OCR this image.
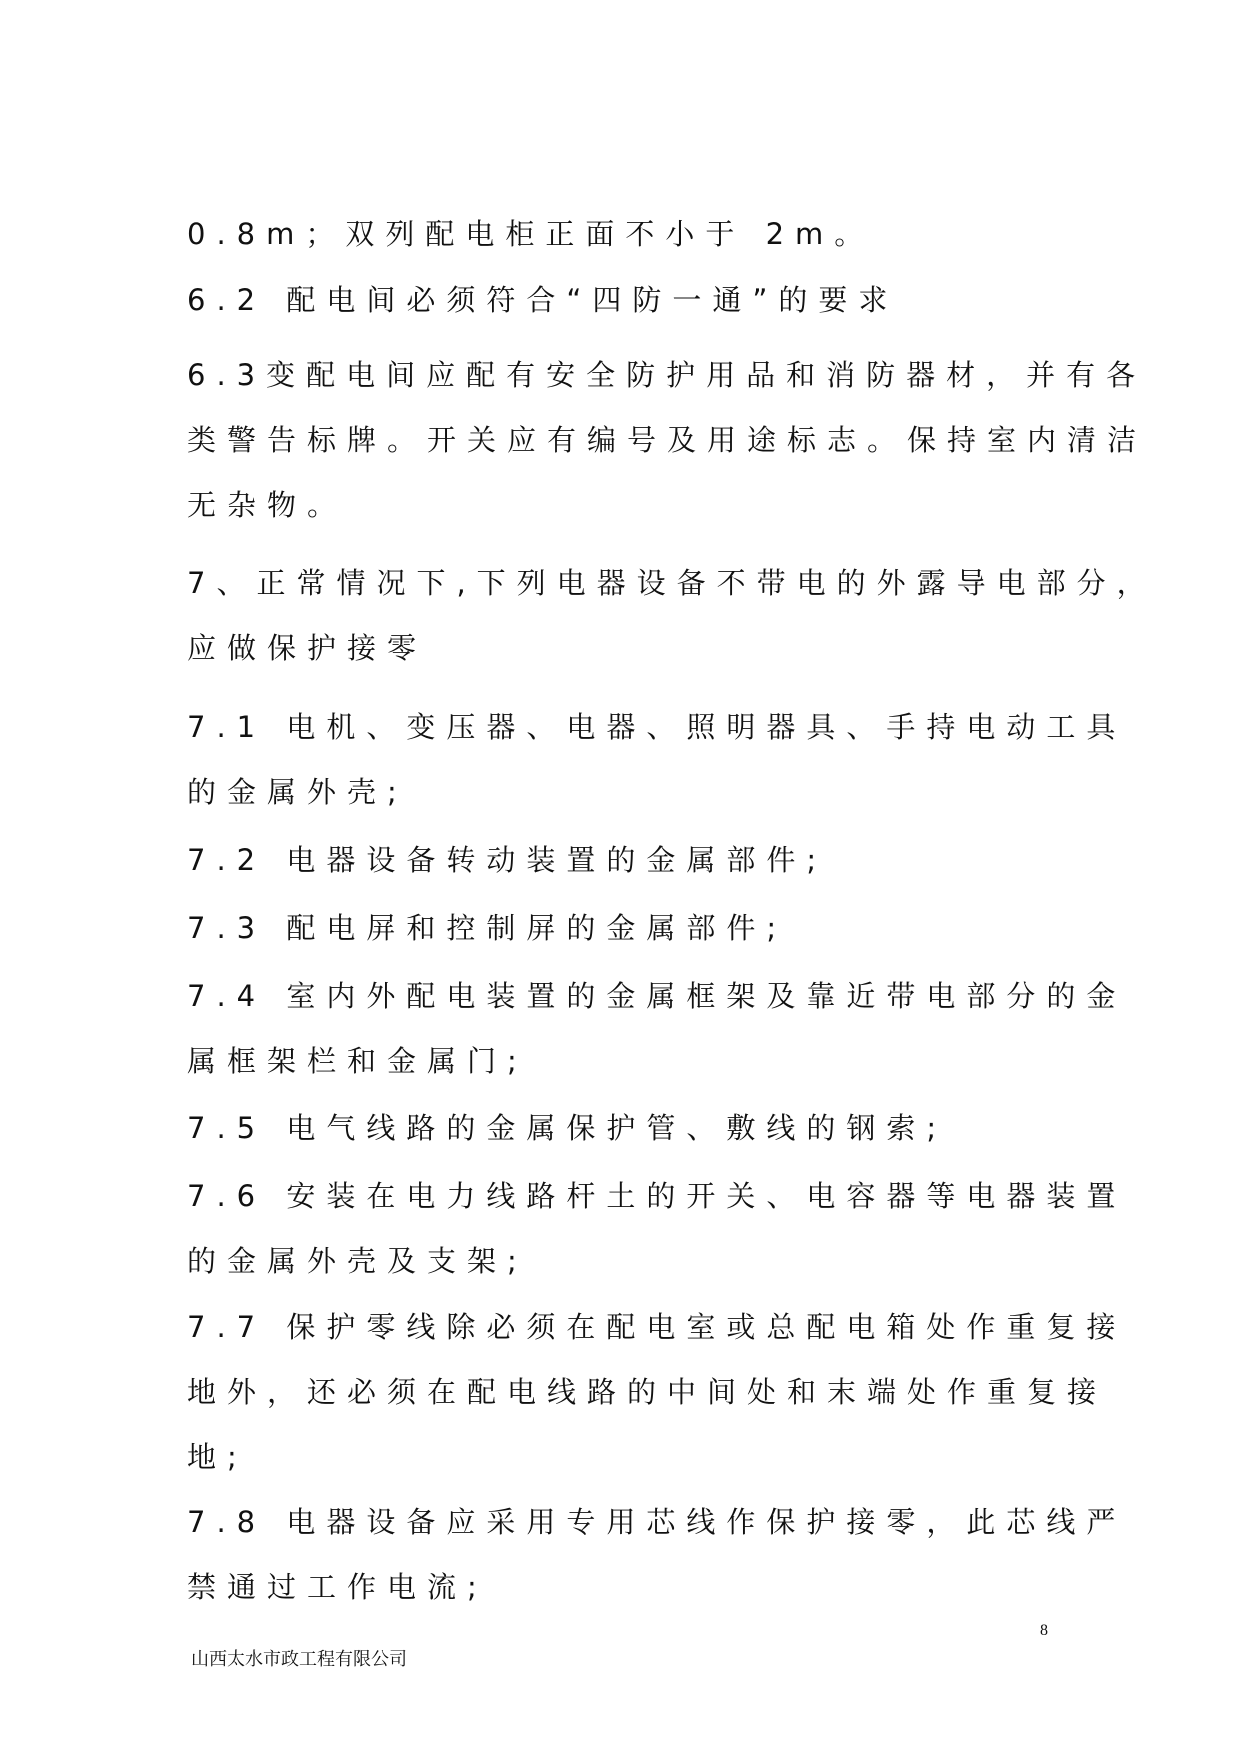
0.8m；双列配电柜正面不小于 2m。
6.2 配电间必须符合“四防一通”的要求
6.3变配电间应配有安全防护用品和消防器材，并有各
类警告标牌。开关应有编号及用途标志。保持室内清洁
无杂物。
7、正常情况下,下列电器设备不带电的外露导电部分，
应做保护接零
7.1 电机、变压器、电器、照明器具、手持电动工具
的金属外壳;
7.2 电器设备转动装置的金属部件;
7.3 配电屏和控制屏的金属部件;
7.4 室内外配电装置的金属框架及靠近带电部分的金
属框架栏和金属门;
7.5 电气线路的金属保护管、敷线的钢索;
7.6 安装在电力线路杆土的开关、电容器等电器装置
的金属外壳及支架;
7.7 保护零线除必须在配电室或总配电箱处作重复接
地外，还必须在配电线路的中间处和末端处作重复接
地;
7.8 电器设备应采用专用芯线作保护接零，此芯线严
禁通过工作电流;
8
山西太水市政工程有限公司
